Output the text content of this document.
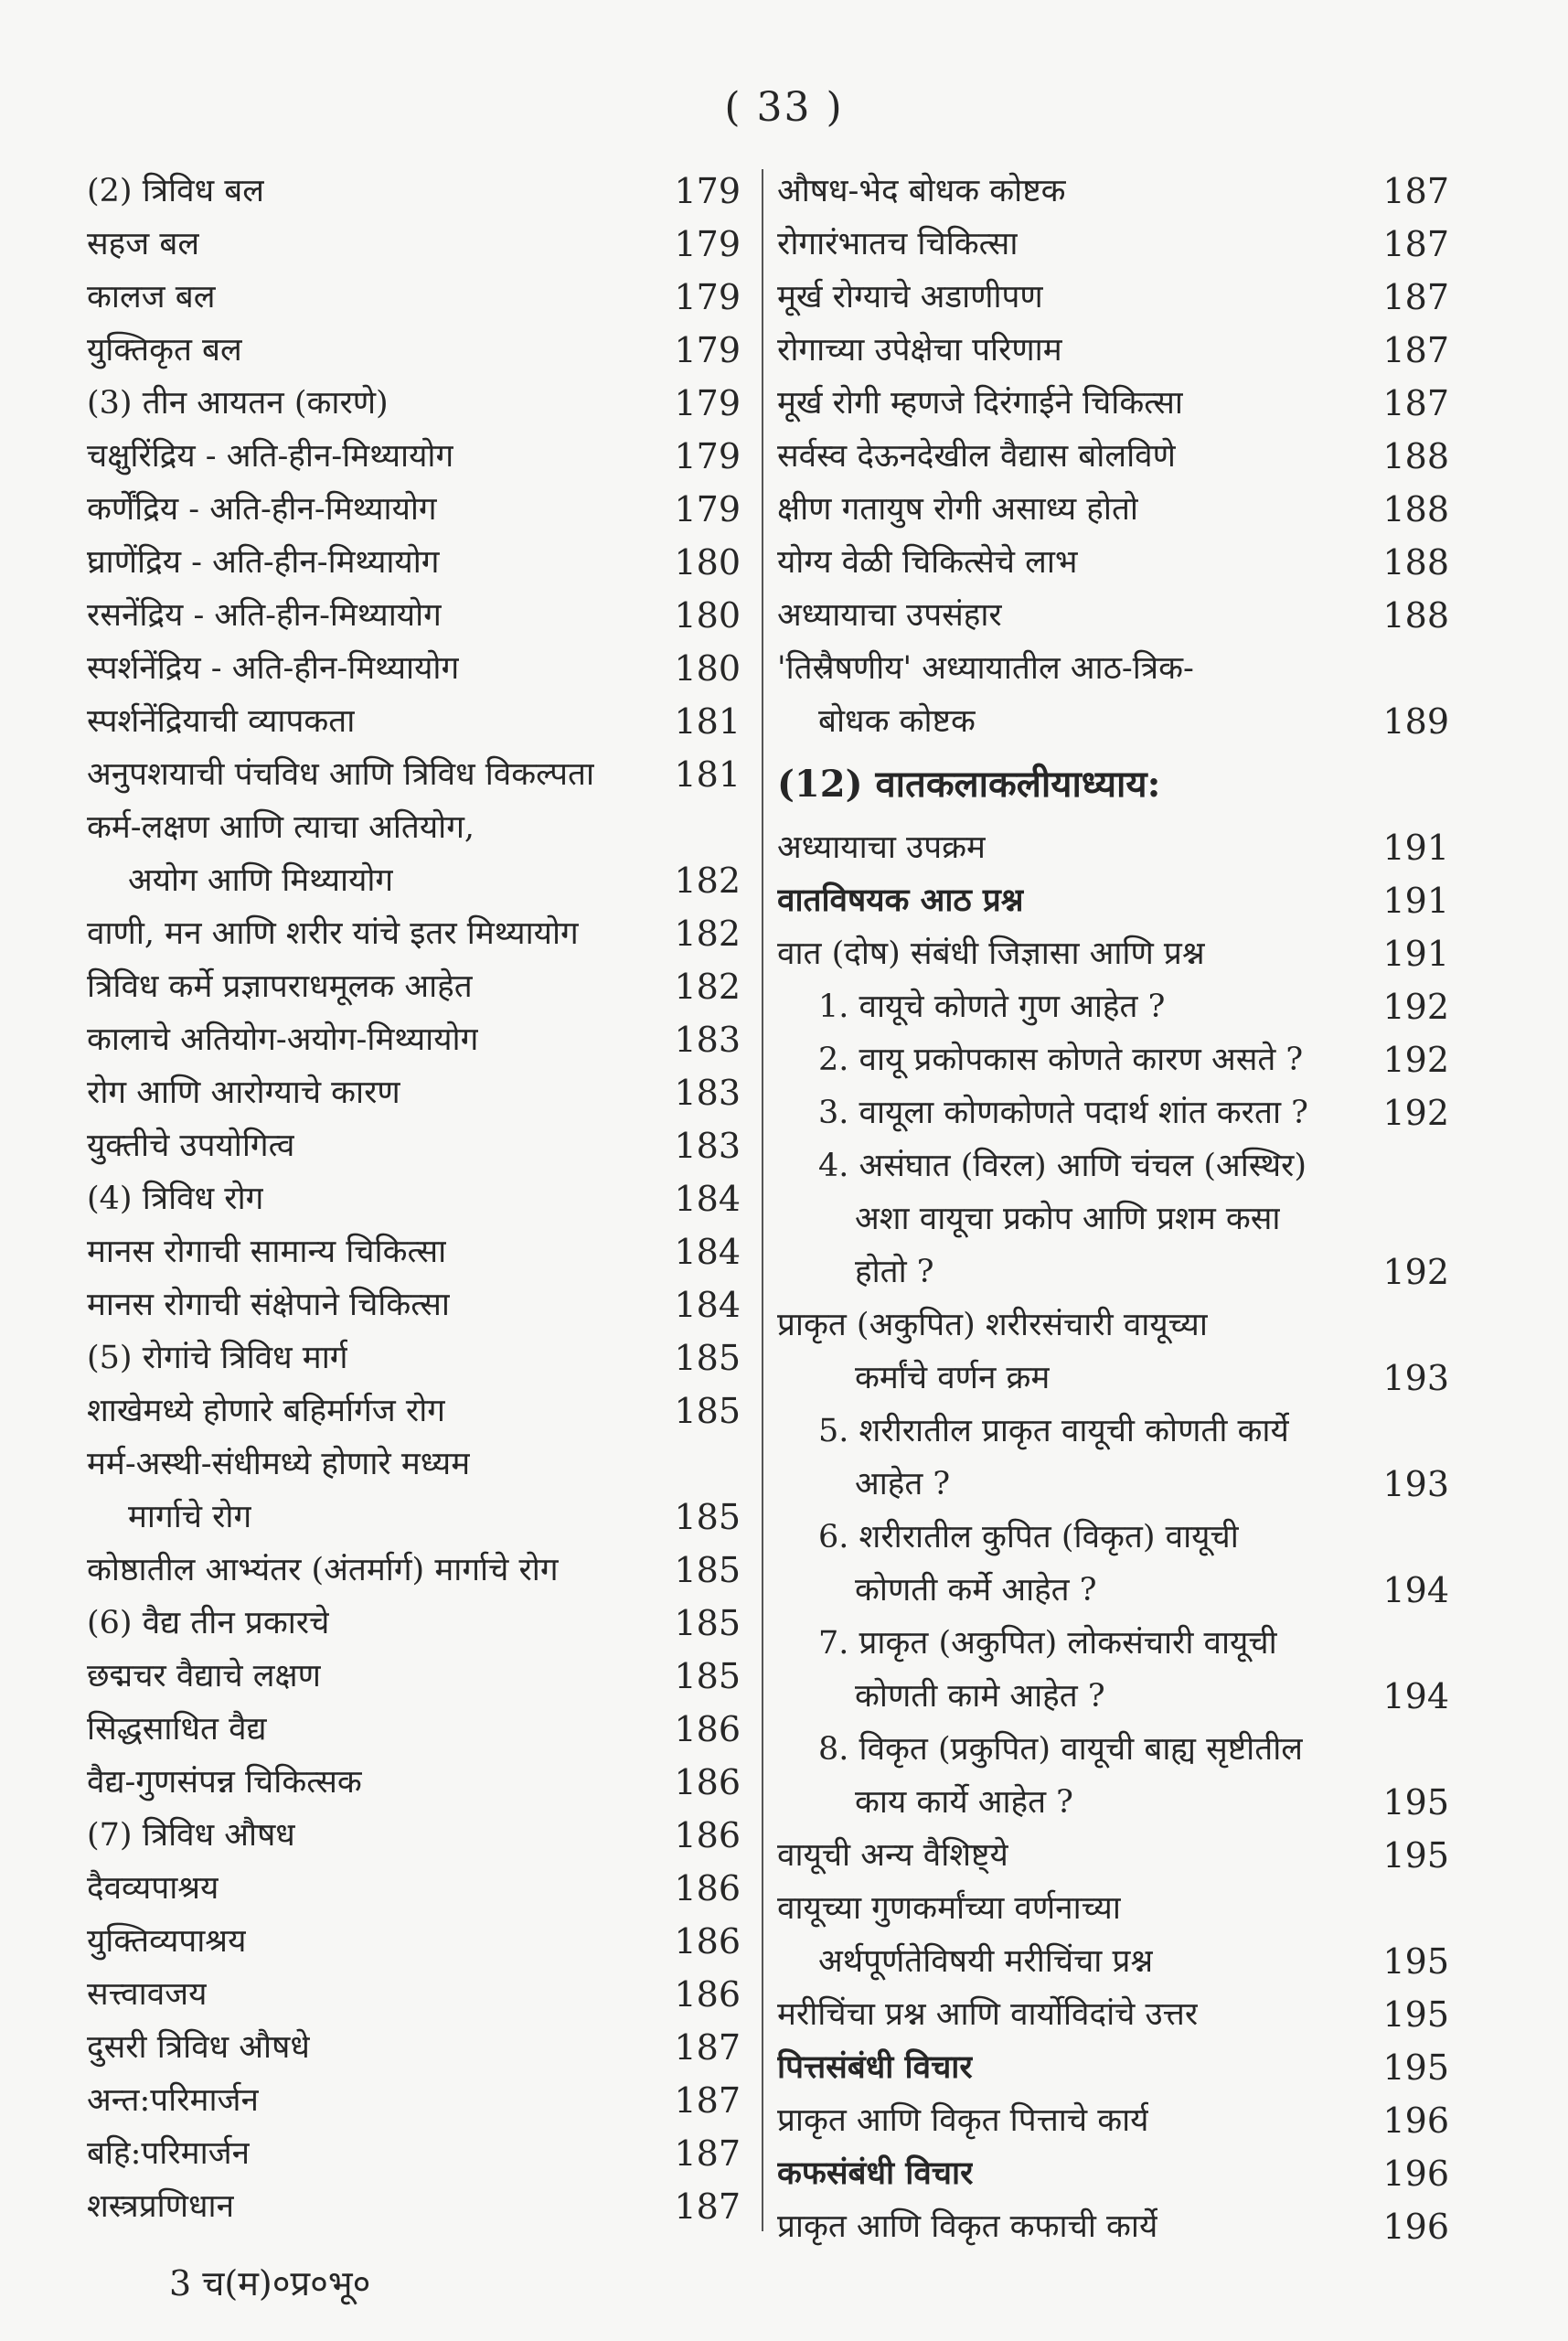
( 33 )
(2) त्रिविध बल	179
सहज बल	179
कालज बल	179
युक्तिकृत बल	179
(3) तीन आयतन (कारणे)	179
चक्षुरिंद्रिय - अति-हीन-मिथ्यायोग	179
कर्णेंद्रिय - अति-हीन-मिथ्यायोग	179
घ्राणेंद्रिय - अति-हीन-मिथ्यायोग	180
रसनेंद्रिय - अति-हीन-मिथ्यायोग	180
स्पर्शनेंद्रिय - अति-हीन-मिथ्यायोग	180
स्पर्शनेंद्रियाची व्यापकता	181
अनुपशयाची पंचविध आणि त्रिविध विकल्पता 181
कर्म-लक्षण आणि त्याचा अतियोग,
अयोग आणि मिथ्यायोग	182
वाणी, मन आणि शरीर यांचे इतर मिथ्यायोग	182
त्रिविध कर्मे प्रज्ञापराधमूलक आहेत	182
कालाचे अतियोग-अयोग-मिथ्यायोग	183
रोग आणि आरोग्याचे कारण	183
युक्तीचे उपयोगित्व	183
(4) त्रिविध रोग	184
मानस रोगाची सामान्य चिकित्सा	184
मानस रोगाची संक्षेपाने चिकित्सा	184
(5) रोगांचे त्रिविध मार्ग	185
शाखेमध्ये होणारे बहिर्मार्गज रोग	185
मर्म-अस्थी-संधीमध्ये होणारे मध्यम
मार्गाचे रोग	185
कोष्ठातील आभ्यंतर (अंतर्मार्ग) मार्गाचे रोग	185
(6) वैद्य तीन प्रकारचे	185
छद्मचर वैद्याचे लक्षण	185
सिद्धसाधित वैद्य	186
वैद्य-गुणसंपन्न चिकित्सक	186
(7) त्रिविध औषध	186
दैवव्यपाश्रय	186
युक्तिव्यपाश्रय	186
सत्त्वावजय	186
दुसरी त्रिविध औषधे	187
अन्त:परिमार्जन	187
बहि:परिमार्जन	187
शस्त्रप्रणिधान	187
औषध-भेद बोधक कोष्टक	187
रोगारंभातच चिकित्सा	187
मूर्ख रोग्याचे अडाणीपण	187
रोगाच्या उपेक्षेचा परिणाम	187
मूर्ख रोगी म्हणजे दिरंगाईने चिकित्सा	187
सर्वस्व देऊनदेखील वैद्यास बोलविणे	188
क्षीण गतायुष रोगी असाध्य होतो	188
योग्य वेळी चिकित्सेचे लाभ	188
अध्यायाचा उपसंहार	188
'तिस्रैषणीय' अध्यायातील आठ-त्रिक-
बोधक कोष्टक	189
(12) वातकलाकलीयाध्याय:
अध्यायाचा उपक्रम	191
वातविषयक आठ प्रश्न	191
वात (दोष) संबंधी जिज्ञासा आणि प्रश्न	191
1. वायूचे कोणते गुण आहेत ?	192
2. वायू प्रकोपकास कोणते कारण असते ? 192
3. वायूला कोणकोणते पदार्थ शांत करता ? 192
4. असंघात (विरल) आणि चंचल (अस्थिर)
अशा वायूचा प्रकोप आणि प्रशम कसा
होतो ?	192
प्राकृत (अकुपित) शरीरसंचारी वायूच्या
कर्मांचे वर्णन क्रम	193
5. शरीरातील प्राकृत वायूची कोणती कार्ये
आहेत ?	193
6. शरीरातील कुपित (विकृत) वायूची
कोणती कर्मे आहेत ?	194
7. प्राकृत (अकुपित) लोकसंचारी वायूची
कोणती कामे आहेत ?	194
8. विकृत (प्रकुपित) वायूची बाह्य सृष्टीतील
काय कार्ये आहेत ?	195
वायूची अन्य वैशिष्ट्ये	195
वायूच्या गुणकर्मांच्या वर्णनाच्या
अर्थपूर्णतेविषयी मरीचिंचा प्रश्न	195
मरीचिंचा प्रश्न आणि वार्योविदांचे उत्तर	195
पित्तसंबंधी विचार	195
प्राकृत आणि विकृत पित्ताचे कार्य	196
कफसंबंधी विचार	196
प्राकृत आणि विकृत कफाची कार्ये	196
3 च(म)०प्र०भू०
